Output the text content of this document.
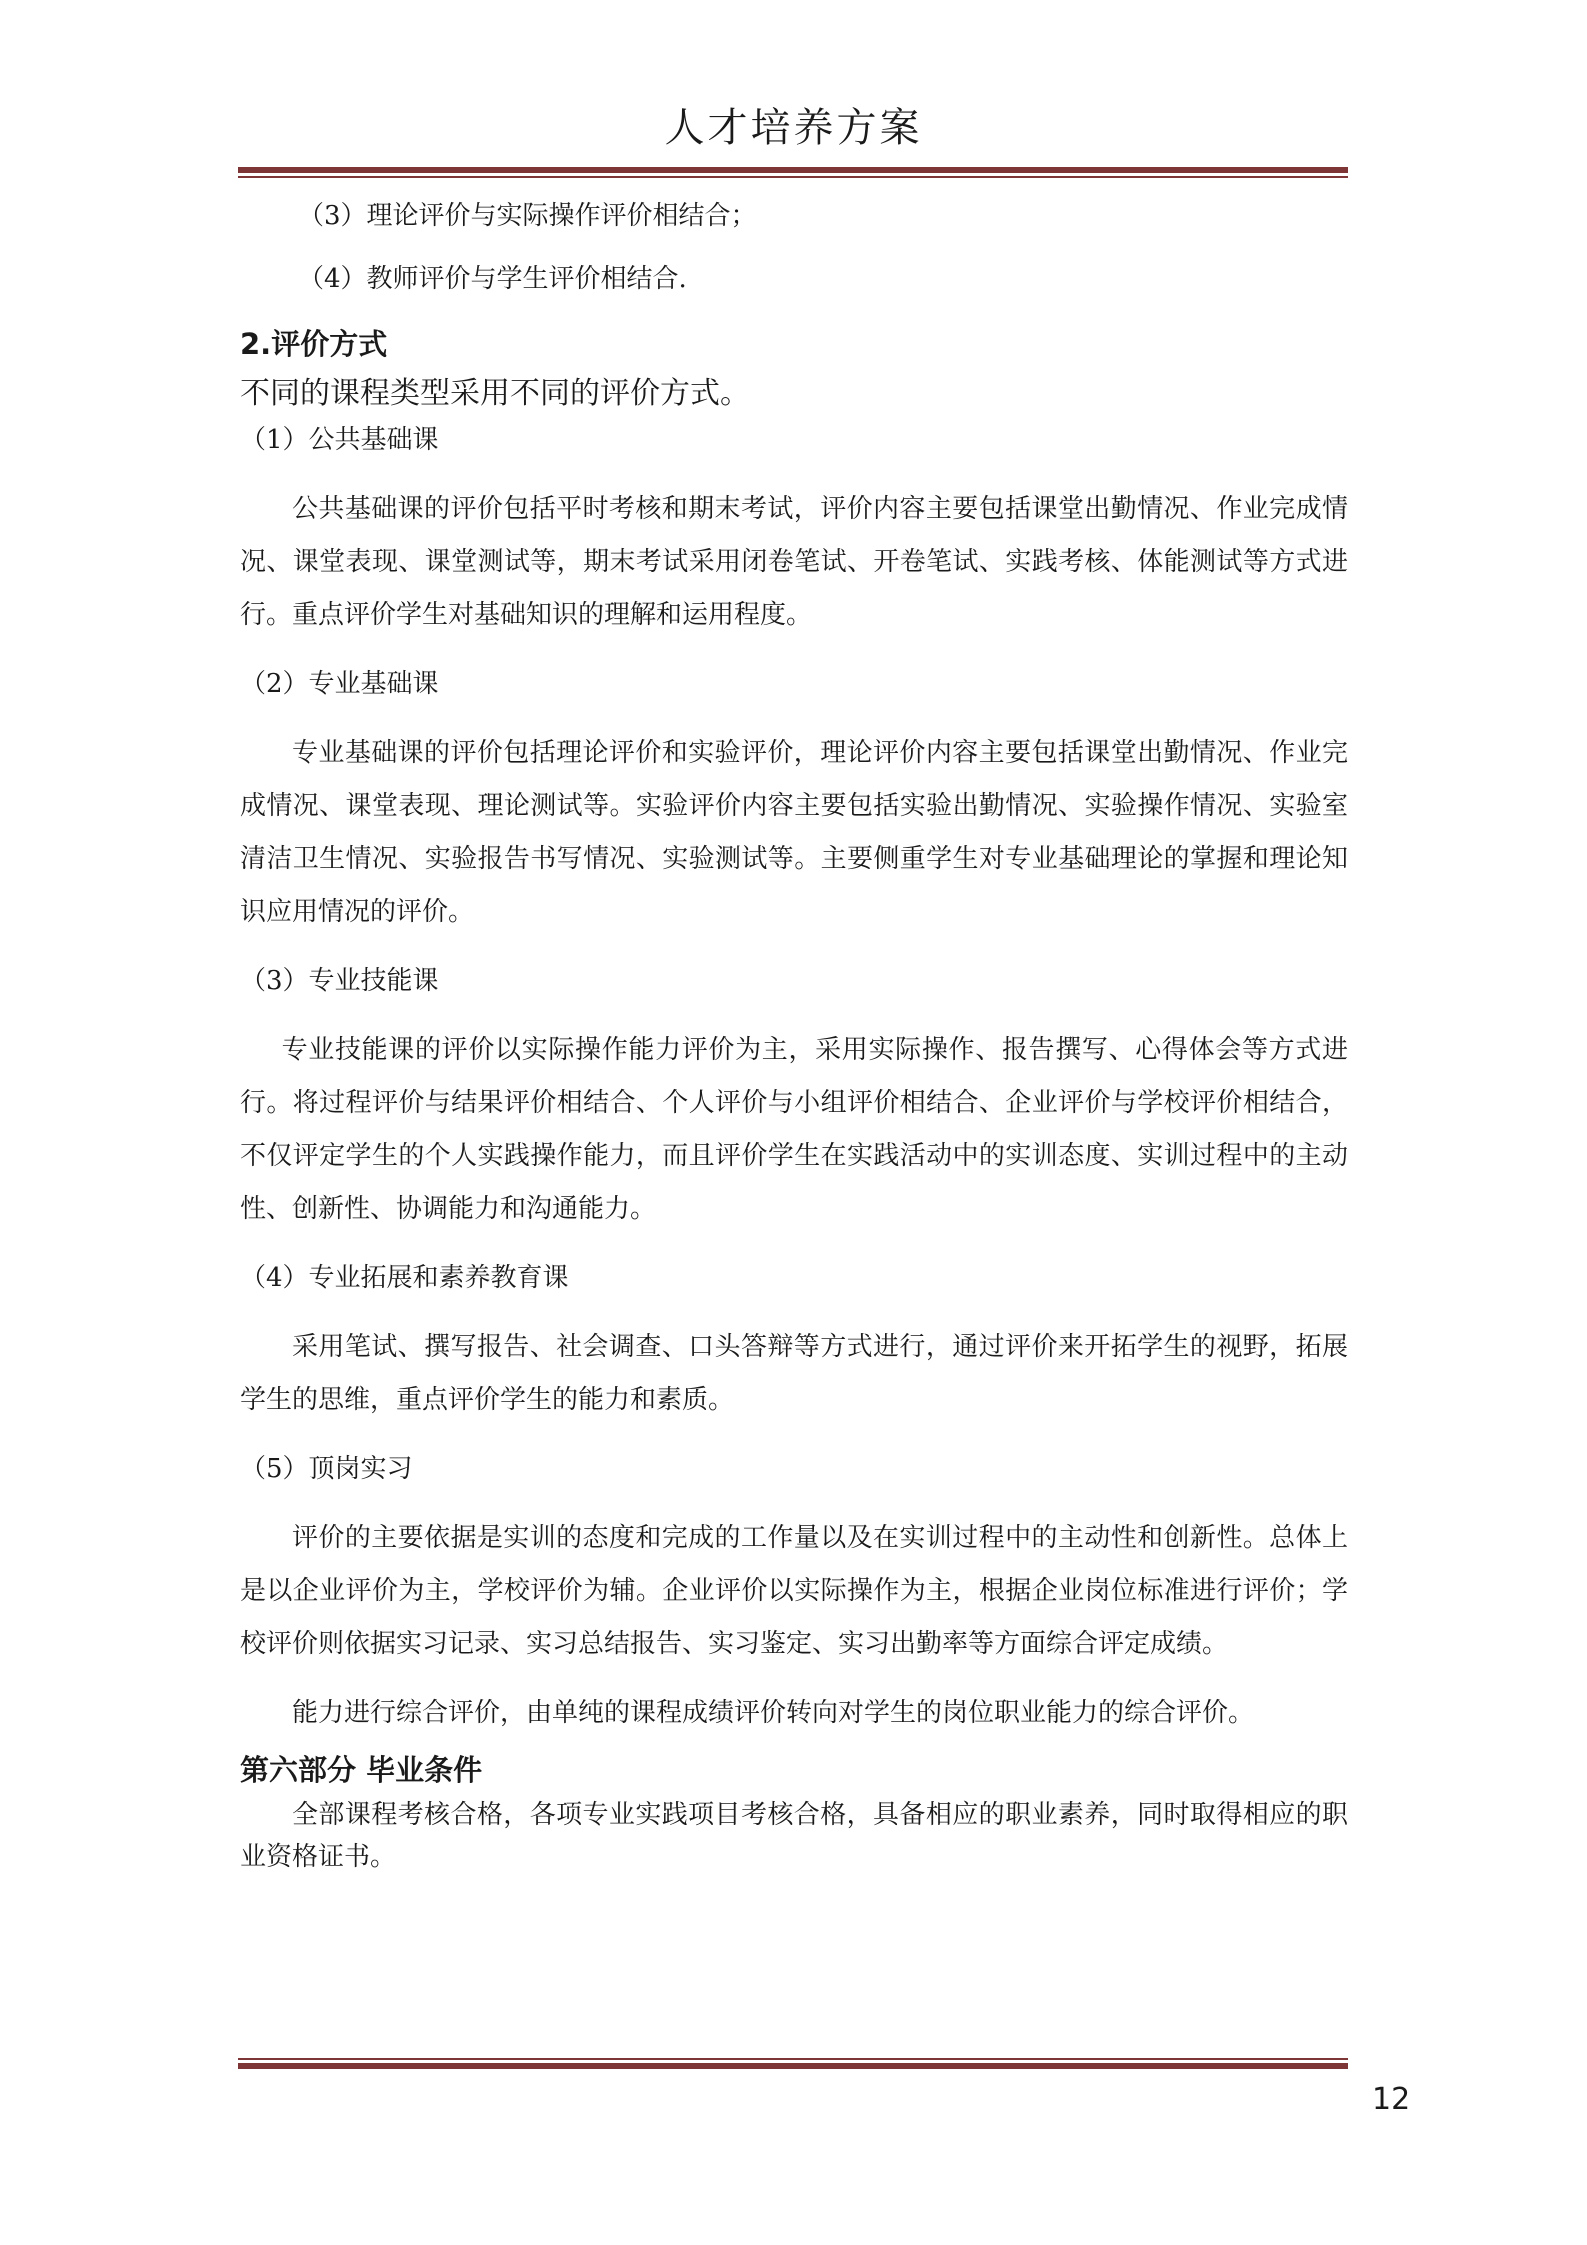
人才培养方案
（3）理论评价与实际操作评价相结合；
（4）教师评价与学生评价相结合.
2.评价方式
不同的课程类型采用不同的评价方式。
（1）公共基础课
公共基础课的评价包括平时考核和期末考试，评价内容主要包括课堂出勤情况、作业完成情况、课堂表现、课堂测试等，期末考试采用闭卷笔试、开卷笔试、实践考核、体能测试等方式进行。重点评价学生对基础知识的理解和运用程度。
（2）专业基础课
专业基础课的评价包括理论评价和实验评价，理论评价内容主要包括课堂出勤情况、作业完成情况、课堂表现、理论测试等。实验评价内容主要包括实验出勤情况、实验操作情况、实验室清洁卫生情况、实验报告书写情况、实验测试等。主要侧重学生对专业基础理论的掌握和理论知识应用情况的评价。
（3）专业技能课
专业技能课的评价以实际操作能力评价为主，采用实际操作、报告撰写、心得体会等方式进行。将过程评价与结果评价相结合、个人评价与小组评价相结合、企业评价与学校评价相结合，不仅评定学生的个人实践操作能力，而且评价学生在实践活动中的实训态度、实训过程中的主动性、创新性、协调能力和沟通能力。
（4）专业拓展和素养教育课
采用笔试、撰写报告、社会调查、口头答辩等方式进行，通过评价来开拓学生的视野，拓展学生的思维，重点评价学生的能力和素质。
（5）顶岗实习
评价的主要依据是实训的态度和完成的工作量以及在实训过程中的主动性和创新性。总体上是以企业评价为主，学校评价为辅。企业评价以实际操作为主，根据企业岗位标准进行评价；学校评价则依据实习记录、实习总结报告、实习鉴定、实习出勤率等方面综合评定成绩。
能力进行综合评价，由单纯的课程成绩评价转向对学生的岗位职业能力的综合评价。
第六部分 毕业条件
全部课程考核合格，各项专业实践项目考核合格，具备相应的职业素养，同时取得相应的职业资格证书。
12
